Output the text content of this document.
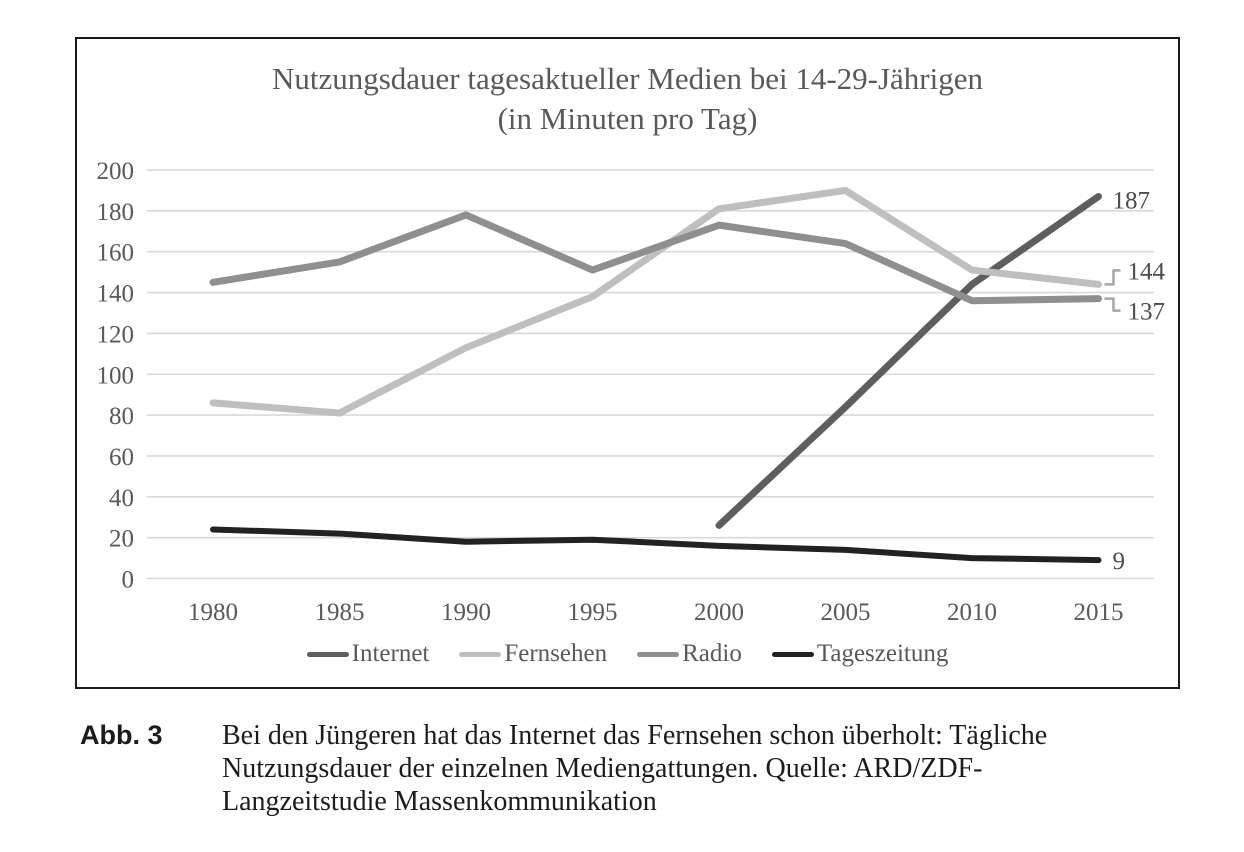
Nutzungsdauer tagesaktueller Medien bei 14-29-Jährigen
(in Minuten pro Tag)
0
20
40
60
80
100
120
140
160
180
200
1980	1985	1990	1995	2000	2005	2010	2015
187
144
137
9
Internet	Fernsehen	Radio	Tageszeitung
Abb. 3	Bei den Jüngeren hat das Internet das Fernsehen schon überholt: Tägliche
Nutzungsdauer der einzelnen Mediengattungen. Quelle: ARD/ZDF-
Langzeitstudie Massenkommunikation
